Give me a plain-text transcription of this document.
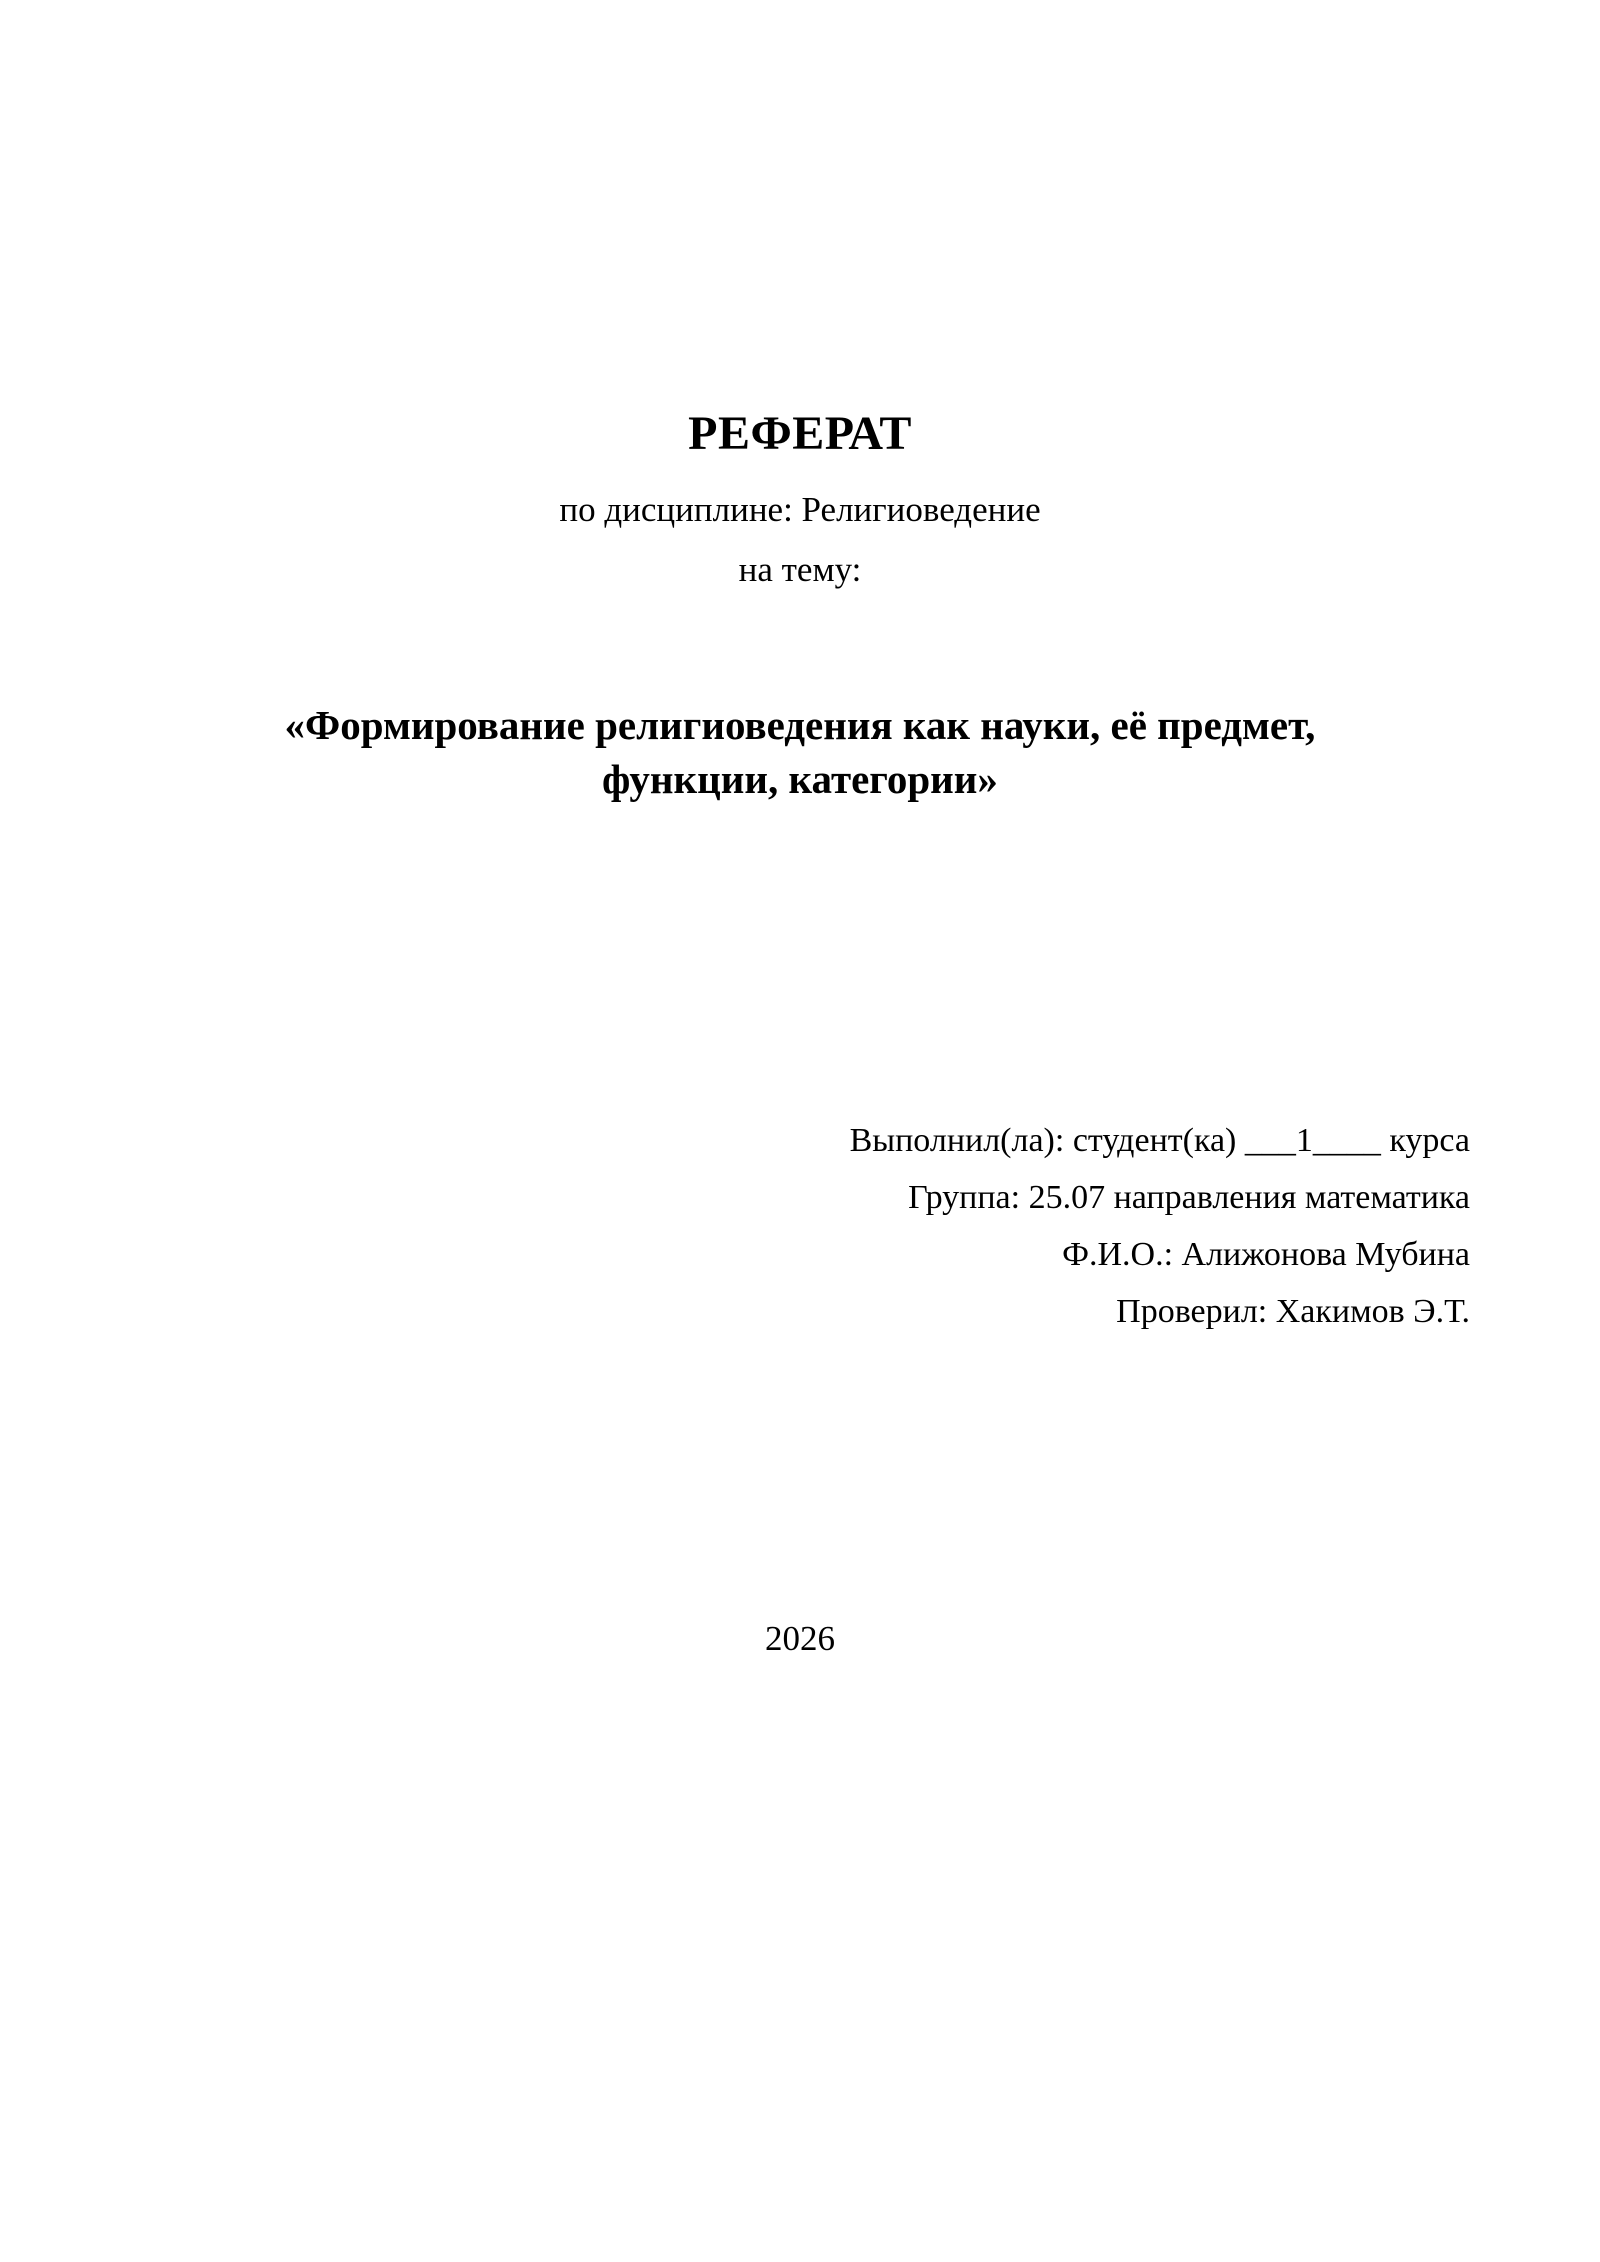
РЕФЕРАТ
по дисциплине: Религиоведение
на тему:
«Формирование религиоведения как науки, её предмет,
функции, категории»
Выполнил(ла): студент(ка) ___1____ курса
Группа: 25.07 направления математика
Ф.И.О.: Алижонова Мубина
Проверил: Хакимов Э.Т.
2026
